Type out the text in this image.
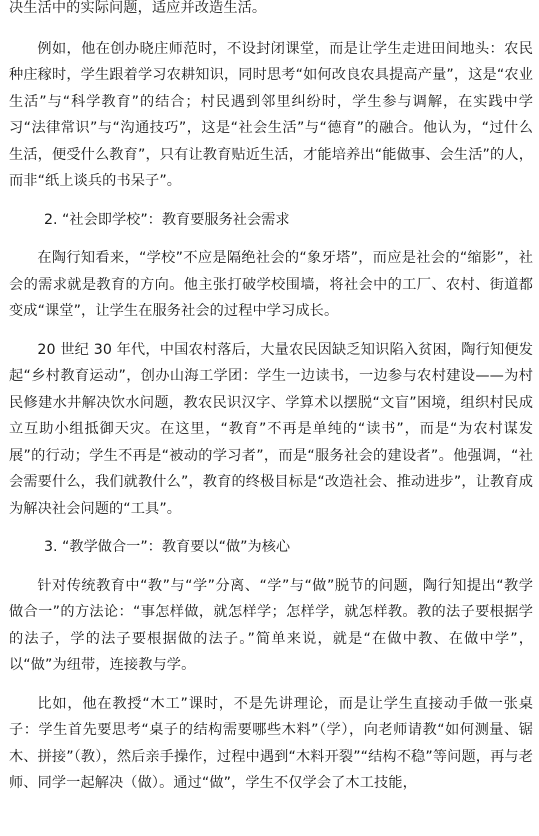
决生活中的实际问题，适应并改造生活。

例如，他在创办晓庄师范时，不设封闭课堂，而是让学生走进田间地头：农民种庄稼时，学生跟着学习农耕知识，同时思考“如何改良农具提高产量”，这是“农业生活”与“科学教育”的结合；村民遇到邻里纠纷时，学生参与调解，在实践中学习“法律常识”与“沟通技巧”，这是“社会生活”与“德育”的融合。他认为，“过什么生活，便受什么教育”，只有让教育贴近生活，才能培养出“能做事、会生活”的人，而非“纸上谈兵的书呆子”。

2. “社会即学校”：教育要服务社会需求

在陶行知看来，“学校”不应是隔绝社会的“象牙塔”，而应是社会的“缩影”，社会的需求就是教育的方向。他主张打破学校围墙，将社会中的工厂、农村、街道都变成“课堂”，让学生在服务社会的过程中学习成长。

20 世纪 30 年代，中国农村落后，大量农民因缺乏知识陷入贫困，陶行知便发起“乡村教育运动”，创办山海工学团：学生一边读书，一边参与农村建设——为村民修建水井解决饮水问题，教农民识汉字、学算术以摆脱“文盲”困境，组织村民成立互助小组抵御天灾。在这里，“教育”不再是单纯的“读书”，而是“为农村谋发展”的行动；学生不再是“被动的学习者”，而是“服务社会的建设者”。他强调，“社会需要什么，我们就教什么”，教育的终极目标是“改造社会、推动进步”，让教育成为解决社会问题的“工具”。

3. “教学做合一”：教育要以“做”为核心

针对传统教育中“教”与“学”分离、“学”与“做”脱节的问题，陶行知提出“教学做合一”的方法论：“事怎样做，就怎样学；怎样学，就怎样教。教的法子要根据学的法子，学的法子要根据做的法子。”简单来说，就是“在做中教、在做中学”，以“做”为纽带，连接教与学。

比如，他在教授“木工”课时，不是先讲理论，而是让学生直接动手做一张桌子：学生首先要思考“桌子的结构需要哪些木料”（学），向老师请教“如何测量、锯木、拼接”（教），然后亲手操作，过程中遇到“木料开裂”“结构不稳”等问题，再与老师、同学一起解决（做）。通过“做”，学生不仅学会了木工技能，
